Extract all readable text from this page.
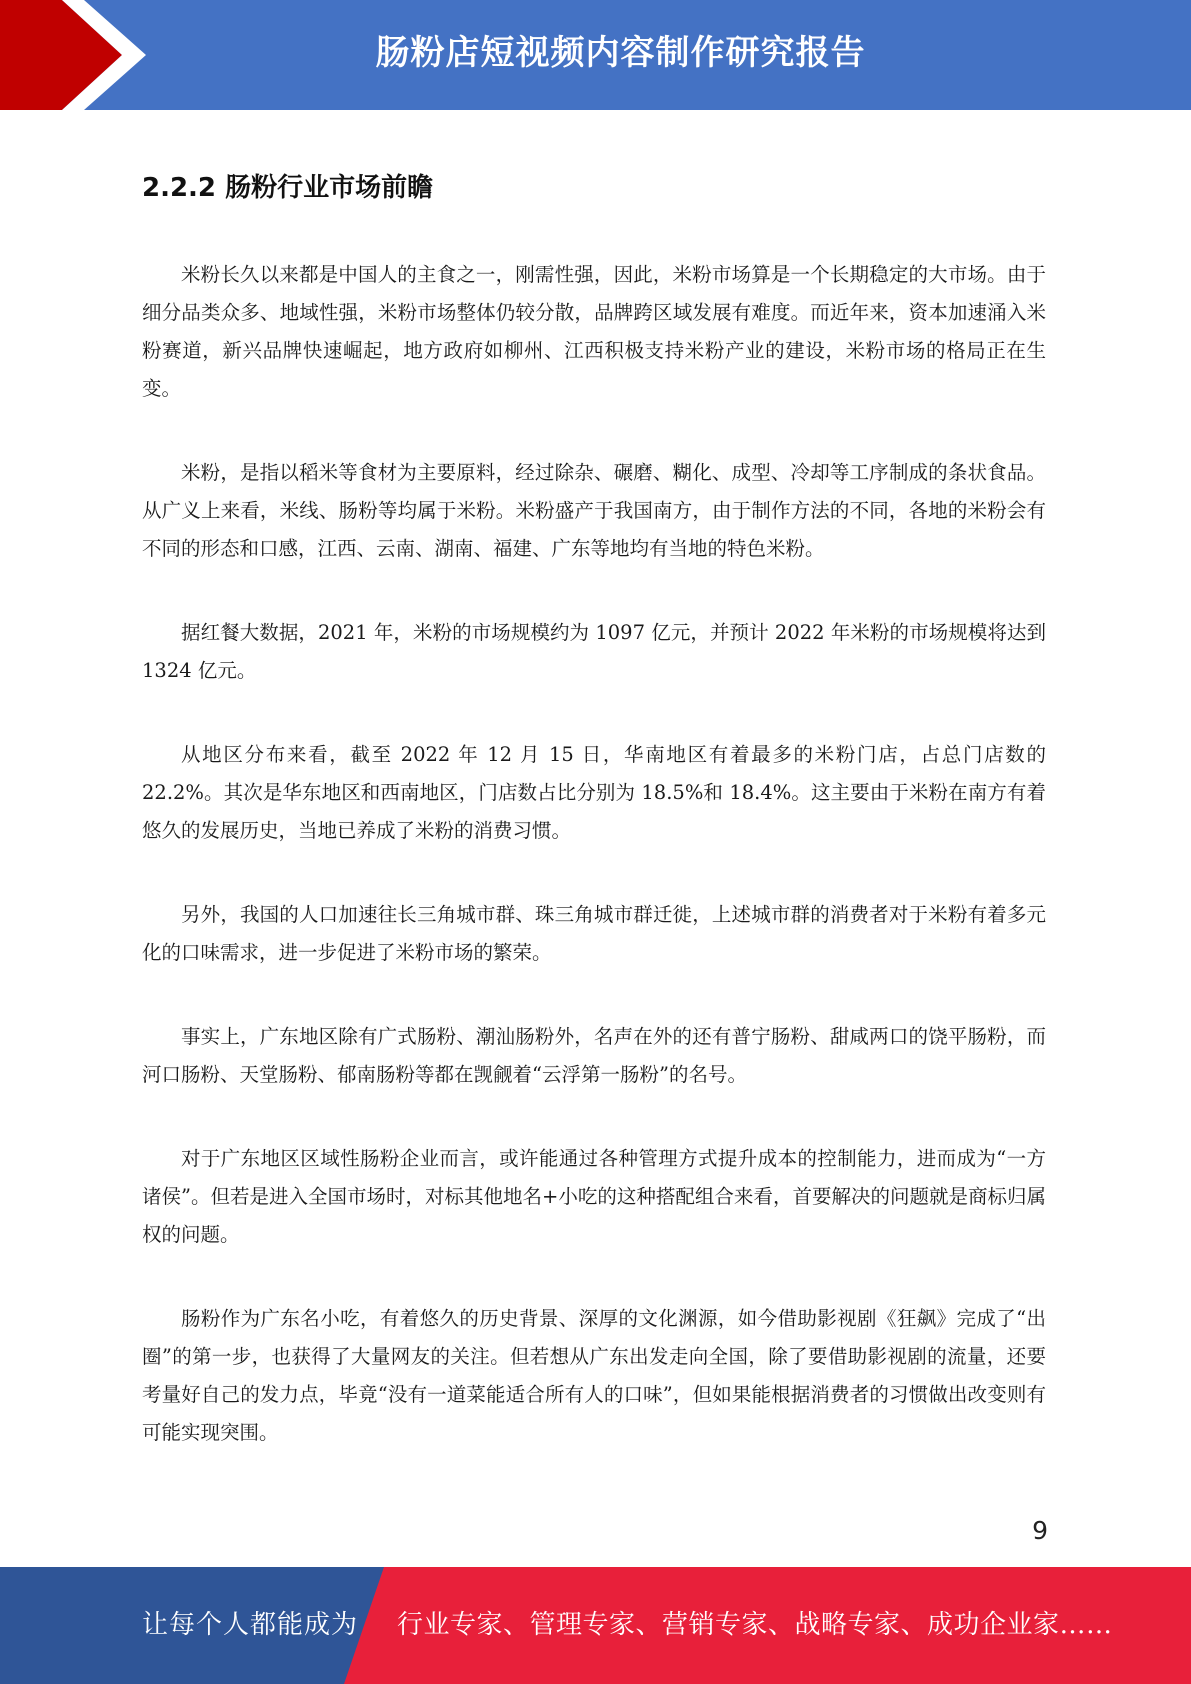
肠粉店短视频内容制作研究报告
2.2.2 肠粉行业市场前瞻

米粉长久以来都是中国人的主食之一，刚需性强，因此，米粉市场算是一个长期稳定的大市场。由于细分品类众多、地域性强，米粉市场整体仍较分散，品牌跨区域发展有难度。而近年来，资本加速涌入米粉赛道，新兴品牌快速崛起，地方政府如柳州、江西积极支持米粉产业的建设，米粉市场的格局正在生变。

米粉，是指以稻米等食材为主要原料，经过除杂、碾磨、糊化、成型、冷却等工序制成的条状食品。从广义上来看，米线、肠粉等均属于米粉。米粉盛产于我国南方，由于制作方法的不同，各地的米粉会有不同的形态和口感，江西、云南、湖南、福建、广东等地均有当地的特色米粉。

据红餐大数据，2021 年，米粉的市场规模约为 1097 亿元，并预计 2022 年米粉的市场规模将达到 1324 亿元。

从地区分布来看，截至 2022 年 12 月 15 日，华南地区有着最多的米粉门店，占总门店数的 22.2%。其次是华东地区和西南地区，门店数占比分别为 18.5%和 18.4%。这主要由于米粉在南方有着悠久的发展历史，当地已养成了米粉的消费习惯。

另外，我国的人口加速往长三角城市群、珠三角城市群迁徙，上述城市群的消费者对于米粉有着多元化的口味需求，进一步促进了米粉市场的繁荣。

事实上，广东地区除有广式肠粉、潮汕肠粉外，名声在外的还有普宁肠粉、甜咸两口的饶平肠粉，而河口肠粉、天堂肠粉、郁南肠粉等都在觊觎着“云浮第一肠粉”的名号。

对于广东地区区域性肠粉企业而言，或许能通过各种管理方式提升成本的控制能力，进而成为“一方诸侯”。但若是进入全国市场时，对标其他地名+小吃的这种搭配组合来看，首要解决的问题就是商标归属权的问题。

肠粉作为广东名小吃，有着悠久的历史背景、深厚的文化渊源，如今借助影视剧《狂飙》完成了“出圈”的第一步，也获得了大量网友的关注。但若想从广东出发走向全国，除了要借助影视剧的流量，还要考量好自己的发力点，毕竟“没有一道菜能适合所有人的口味”，但如果能根据消费者的习惯做出改变则有可能实现突围。

9
让每个人都能成为 行业专家、管理专家、营销专家、战略专家、成功企业家……
